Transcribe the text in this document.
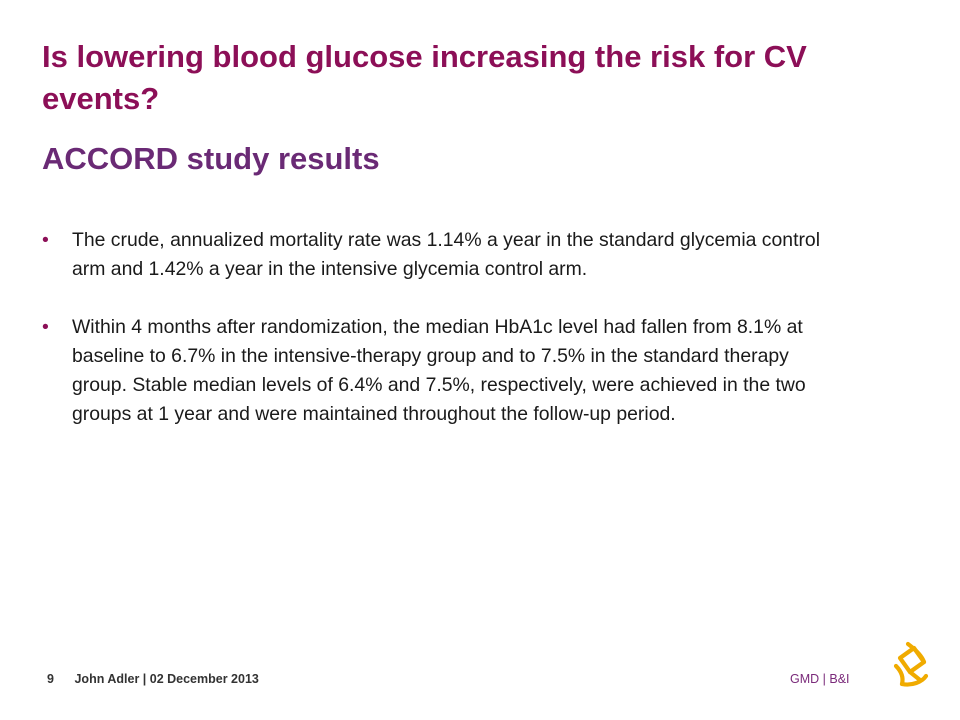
Is lowering blood glucose increasing the risk for CV events?
ACCORD study results
• The crude, annualized mortality rate was 1.14% a year in the standard glycemia control arm and 1.42% a year in the intensive glycemia control arm.
• Within 4 months after randomization, the median HbA1c level had fallen from 8.1% at baseline to 6.7% in the intensive-therapy group and to 7.5% in the standard therapy group. Stable median levels of 6.4% and 7.5%, respectively, were achieved in the two groups at 1 year and were maintained throughout the follow-up period.
9 John Adler | 02 December 2013	GMD | B&I
